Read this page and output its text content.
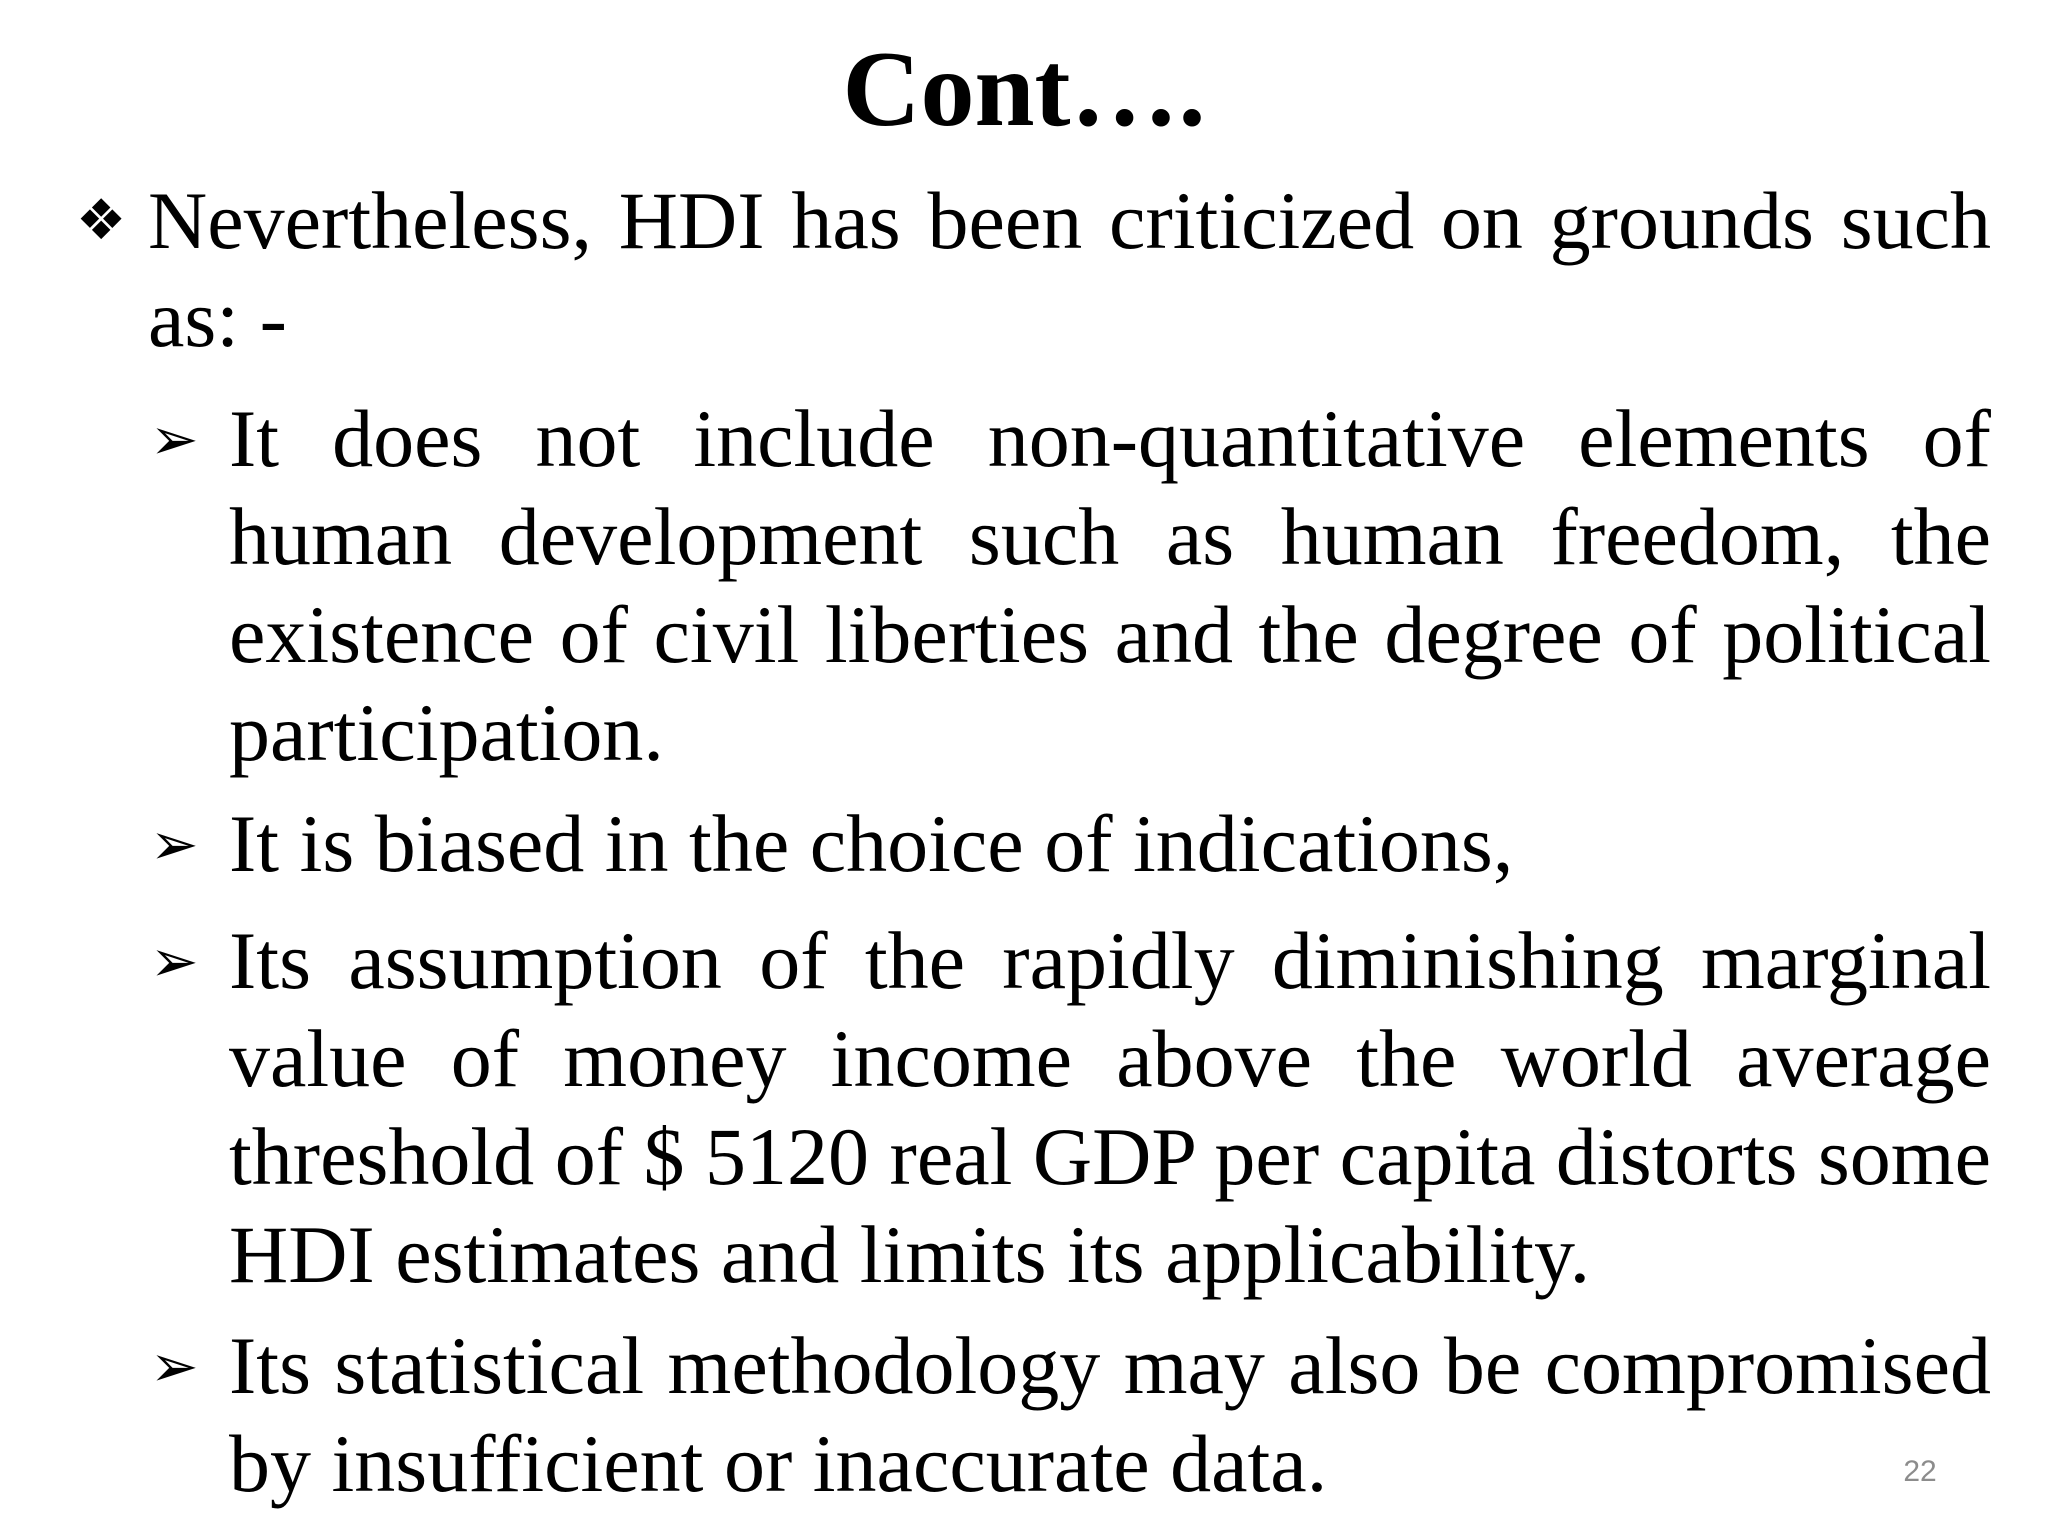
Cont….
❖ Nevertheless, HDI has been criticized on grounds such as: -
➢ It does not include non-quantitative elements of human development such as human freedom, the existence of civil liberties and the degree of political participation.
➢ It is biased in the choice of indications,
➢ Its assumption of the rapidly diminishing marginal value of money income above the world average threshold of $ 5120 real GDP per capita distorts some HDI estimates and limits its applicability.
➢ Its statistical methodology may also be compromised by insufficient or inaccurate data.	22
